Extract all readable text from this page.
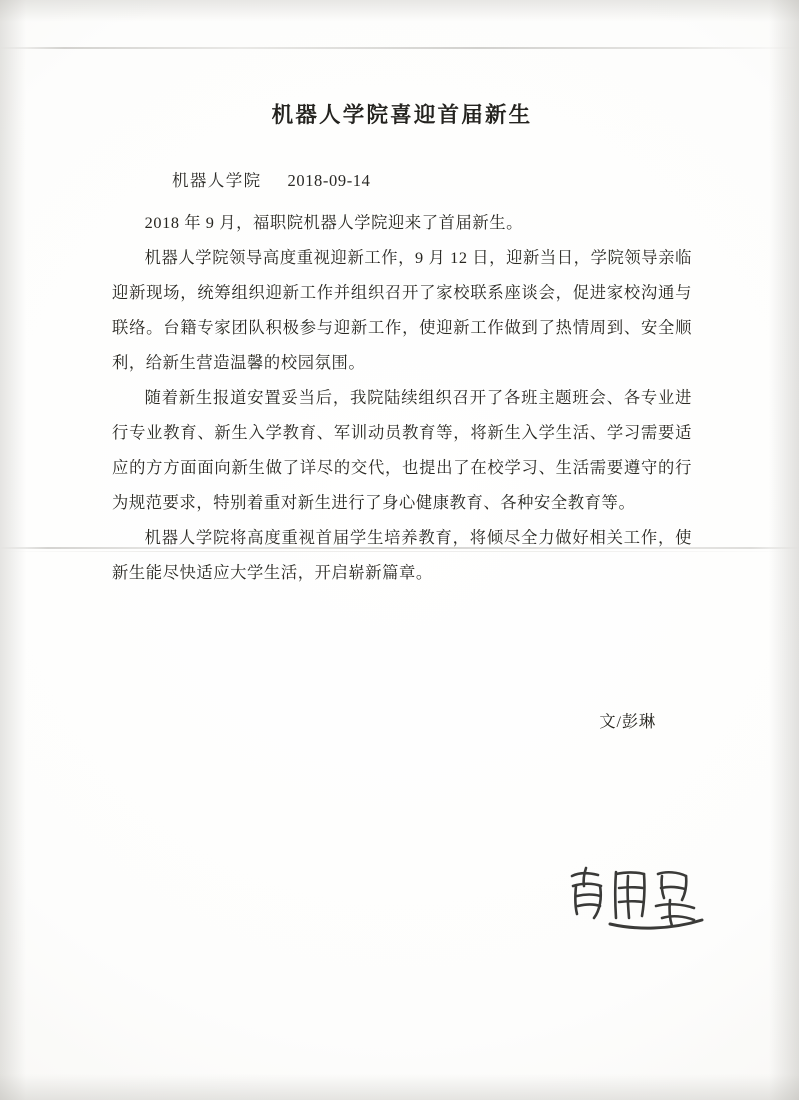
机器人学院喜迎首届新生
机器人学院 2018-09-14

2018 年 9 月，福职院机器人学院迎来了首届新生。

机器人学院领导高度重视迎新工作，9 月 12 日，迎新当日，学院领导亲临迎新现场，统筹组织迎新工作并组织召开了家校联系座谈会，促进家校沟通与联络。台籍专家团队积极参与迎新工作，使迎新工作做到了热情周到、安全顺利，给新生营造温馨的校园氛围。

随着新生报道安置妥当后，我院陆续组织召开了各班主题班会、各专业进行专业教育、新生入学教育、军训动员教育等，将新生入学生活、学习需要适应的方方面面向新生做了详尽的交代，也提出了在校学习、生活需要遵守的行为规范要求，特别着重对新生进行了身心健康教育、各种安全教育等。

机器人学院将高度重视首届学生培养教育，将倾尽全力做好相关工作，使新生能尽快适应大学生活，开启崭新篇章。

文/彭琳
